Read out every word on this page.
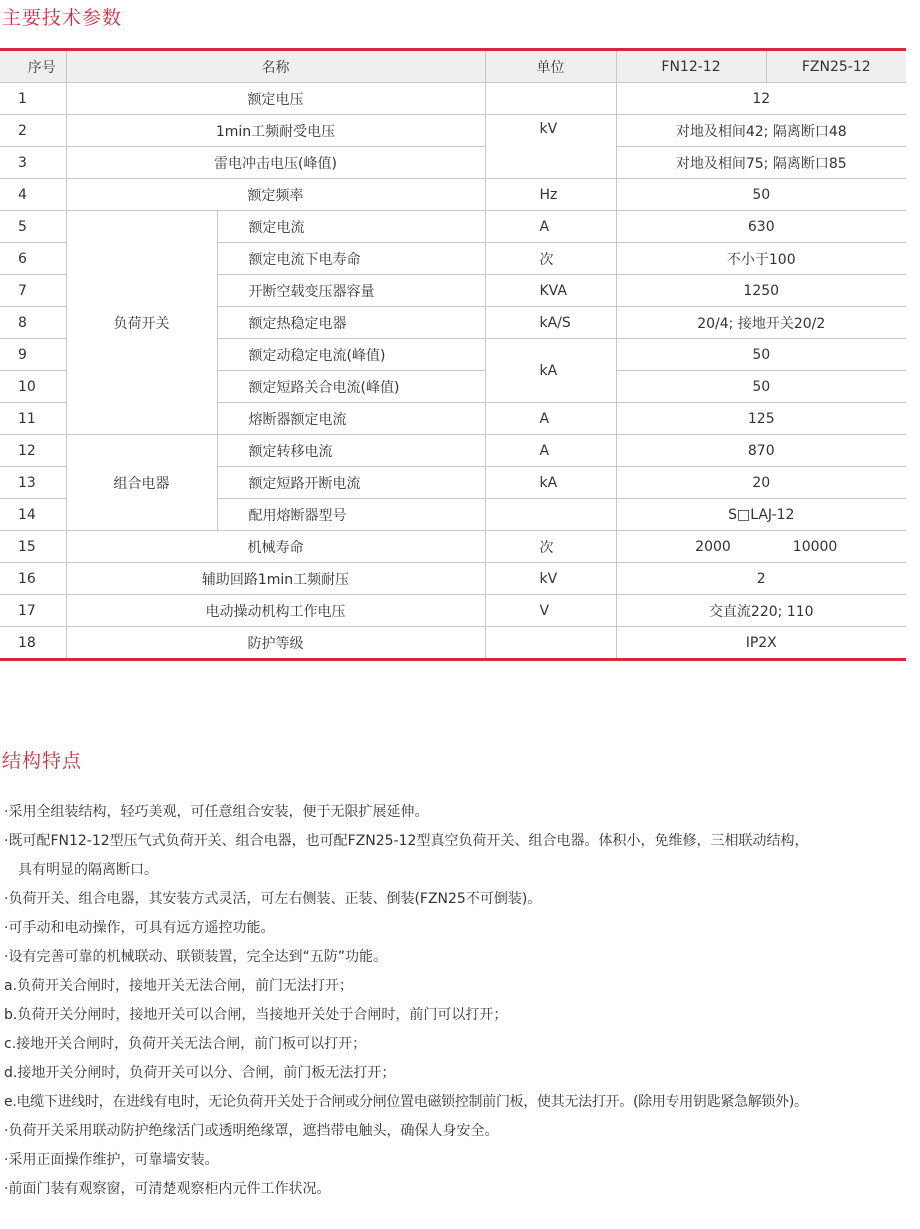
主要技术参数
序号	名称		单位	FN12-12	FZN25-12
1	额定电压			12	
2	1min工频耐受电压		kV	对地及相间42; 隔离断口48	
3	雷电冲击电压(峰值)			对地及相间75; 隔离断口85	
4	额定频率		Hz	50	
5	负荷开关	额定电流	A	630	
6		额定电流下电寿命	次	不小于100	
7		开断空载变压器容量	KVA	1250	
8		额定热稳定电器	kA/S	20/4; 接地开关20/2	
9		额定动稳定电流(峰值)	kA	50	
10		额定短路关合电流(峰值)		50	
11		熔断器额定电流	A	125	
12	组合电器	额定转移电流	A	870	
13		额定短路开断电流	kA	20	
14		配用熔断器型号		S□LAJ-12	
15	机械寿命		次	2000 10000	

16	辅助回路1min工频耐压		kV	2	
17	电动操动机构工作电压		V	交直流220; 110	
18	防护等级			IP2X	
结构特点
·采用全组装结构，轻巧美观，可任意组合安装，便于无限扩展延伸。
·既可配FN12-12型压气式负荷开关、组合电器，也可配FZN25-12型真空负荷开关、组合电器。体积小，免维修，三相联动结构，
具有明显的隔离断口。
·负荷开关、组合电器，其安装方式灵活，可左右侧装、正装、倒装(FZN25不可倒装)。
·可手动和电动操作，可具有远方遥控功能。
·设有完善可靠的机械联动、联锁装置，完全达到“五防”功能。
a.负荷开关合闸时，接地开关无法合闸，前门无法打开；
b.负荷开关分闸时，接地开关可以合闸，当接地开关处于合闸时，前门可以打开；
c.接地开关合闸时，负荷开关无法合闸，前门板可以打开；
d.接地开关分闸时，负荷开关可以分、合闸，前门板无法打开；
e.电缆下进线时，在进线有电时，无论负荷开关处于合闸或分闸位置电磁锁控制前门板，使其无法打开。(除用专用钥匙紧急解锁外)。
·负荷开关采用联动防护绝缘活门或透明绝缘罩，遮挡带电触头，确保人身安全。
·采用正面操作维护，可靠墙安装。
·前面门装有观察窗，可清楚观察柜内元件工作状况。
